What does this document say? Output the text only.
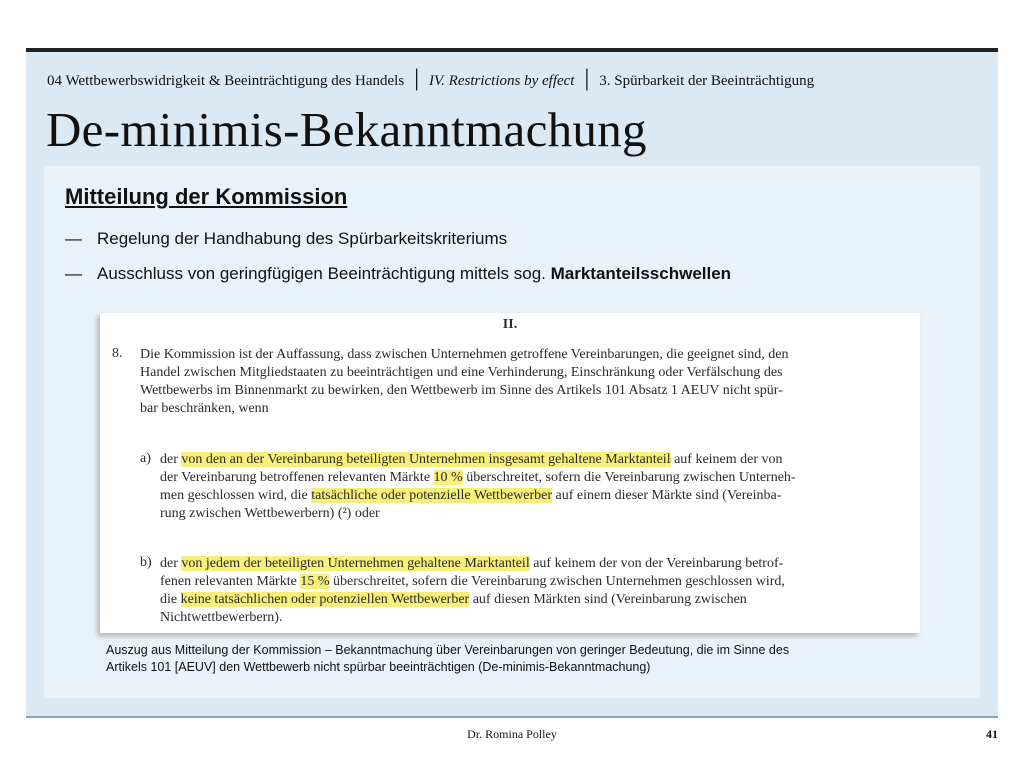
04 Wettbewerbswidrigkeit & Beeinträchtigung des Handels │ IV. Restrictions by effect │ 3. Spürbarkeit der Beeinträchtigung
De-minimis-Bekanntmachung
Mitteilung der Kommission
— Regelung der Handhabung des Spürbarkeitskriteriums
— Ausschluss von geringfügigen Beeinträchtigung mittels sog. Marktanteilsschwellen
II.
8. Die Kommission ist der Auffassung, dass zwischen Unternehmen getroffene Vereinbarungen, die geeignet sind, den
Handel zwischen Mitgliedstaaten zu beeinträchtigen und eine Verhinderung, Einschränkung oder Verfälschung des
Wettbewerbs im Binnenmarkt zu bewirken, den Wettbewerb im Sinne des Artikels 101 Absatz 1 AEUV nicht spür-
bar beschränken, wenn
a) der von den an der Vereinbarung beteiligten Unternehmen insgesamt gehaltene Marktanteil auf keinem der von
der Vereinbarung betroffenen relevanten Märkte 10 % überschreitet, sofern die Vereinbarung zwischen Unterneh-
men geschlossen wird, die tatsächliche oder potenzielle Wettbewerber auf einem dieser Märkte sind (Vereinba-
rung zwischen Wettbewerbern) (²) oder
b) der von jedem der beteiligten Unternehmen gehaltene Marktanteil auf keinem der von der Vereinbarung betrof-
fenen relevanten Märkte 15 % überschreitet, sofern die Vereinbarung zwischen Unternehmen geschlossen wird,
die keine tatsächlichen oder potenziellen Wettbewerber auf diesen Märkten sind (Vereinbarung zwischen
Nichtwettbewerbern).
Auszug aus Mitteilung der Kommission – Bekanntmachung über Vereinbarungen von geringer Bedeutung, die im Sinne des
Artikels 101 [AEUV] den Wettbewerb nicht spürbar beeinträchtigen (De-minimis-Bekanntmachung)
Dr. Romina Polley	41
